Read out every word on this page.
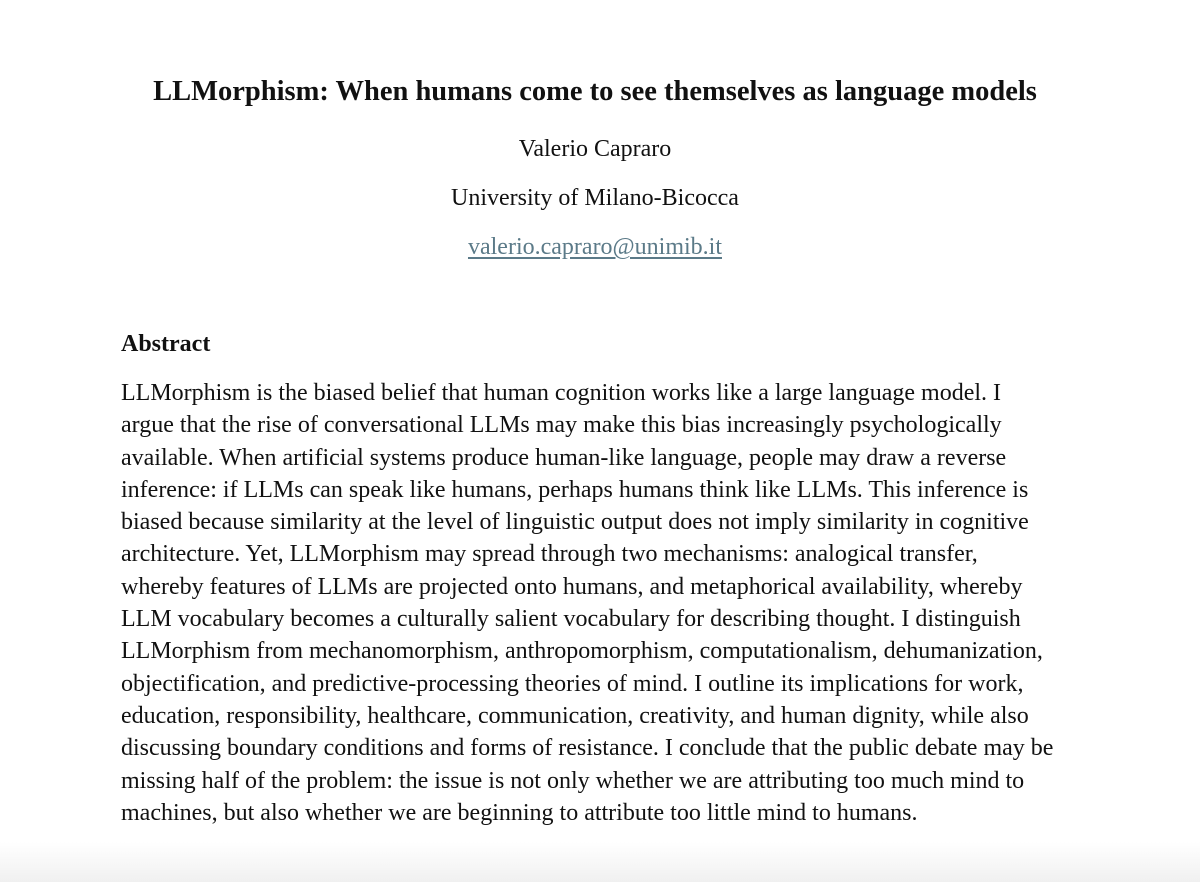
LLMorphism: When humans come to see themselves as language models

Valerio Capraro

University of Milano-Bicocca

valerio.capraro@unimib.it

Abstract
LLMorphism is the biased belief that human cognition works like a large language model. I
argue that the rise of conversational LLMs may make this bias increasingly psychologically
available. When artificial systems produce human-like language, people may draw a reverse
inference: if LLMs can speak like humans, perhaps humans think like LLMs. This inference is
biased because similarity at the level of linguistic output does not imply similarity in cognitive
architecture. Yet, LLMorphism may spread through two mechanisms: analogical transfer,
whereby features of LLMs are projected onto humans, and metaphorical availability, whereby
LLM vocabulary becomes a culturally salient vocabulary for describing thought. I distinguish
LLMorphism from mechanomorphism, anthropomorphism, computationalism, dehumanization,
objectification, and predictive-processing theories of mind. I outline its implications for work,
education, responsibility, healthcare, communication, creativity, and human dignity, while also
discussing boundary conditions and forms of resistance. I conclude that the public debate may be
missing half of the problem: the issue is not only whether we are attributing too much mind to
machines, but also whether we are beginning to attribute too little mind to humans.
